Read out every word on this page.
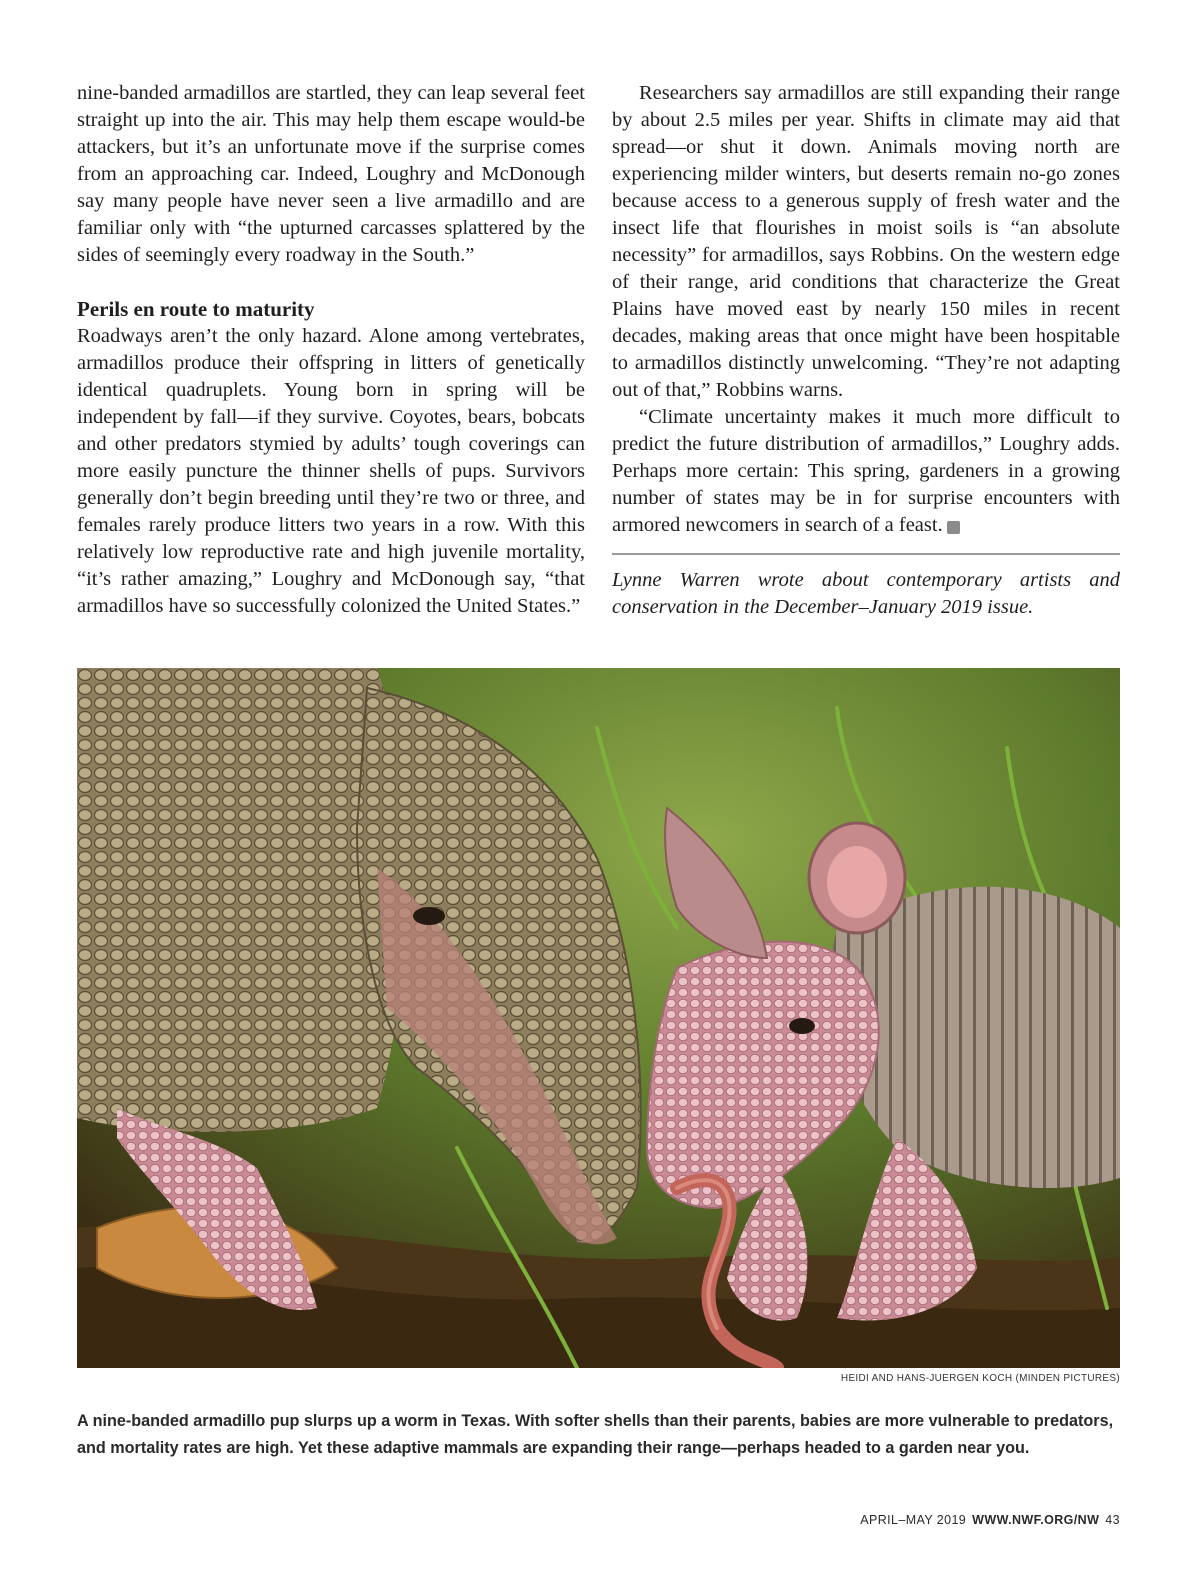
nine-banded armadillos are startled, they can leap several feet straight up into the air. This may help them escape would-be attackers, but it’s an unfortunate move if the surprise comes from an approaching car. Indeed, Loughry and McDonough say many people have never seen a live armadillo and are familiar only with “the upturned carcasses splattered by the sides of seemingly every roadway in the South.”

Perils en route to maturity

Roadways aren’t the only hazard. Alone among vertebrates, armadillos produce their offspring in litters of genetically identical quadruplets. Young born in spring will be independent by fall—if they survive. Coyotes, bears, bobcats and other predators stymied by adults’ tough coverings can more easily puncture the thinner shells of pups. Survivors generally don’t begin breeding until they’re two or three, and females rarely produce litters two years in a row. With this relatively low reproductive rate and high juvenile mortality, “it’s rather amazing,” Loughry and McDonough say, “that armadillos have so successfully colonized the United States.”

Researchers say armadillos are still expanding their range by about 2.5 miles per year. Shifts in climate may aid that spread—or shut it down. Animals moving north are experiencing milder winters, but deserts remain no-go zones because access to a generous supply of fresh water and the insect life that flourishes in moist soils is “an absolute necessity” for armadillos, says Robbins. On the western edge of their range, arid conditions that characterize the Great Plains have moved east by nearly 150 miles in recent decades, making areas that once might have been hospitable to armadillos distinctly unwelcoming. “They’re not adapting out of that,” Robbins warns.

“Climate uncertainty makes it much more difficult to predict the future distribution of armadillos,” Loughry adds. Perhaps more certain: This spring, gardeners in a growing number of states may be in for surprise encounters with armored newcomers in search of a feast.	W

Lynne Warren wrote about contemporary artists and conservation in the December–January 2019 issue.

HEIDI AND HANS-JUERGEN KOCH (MINDEN PICTURES)
A nine-banded armadillo pup slurps up a worm in Texas. With softer shells than their parents, babies are more vulnerable to predators, and mortality rates are high. Yet these adaptive mammals are expanding their range—perhaps headed to a garden near you.
APRIL–MAY 2019 WWW.NWF.ORG/NW 43
